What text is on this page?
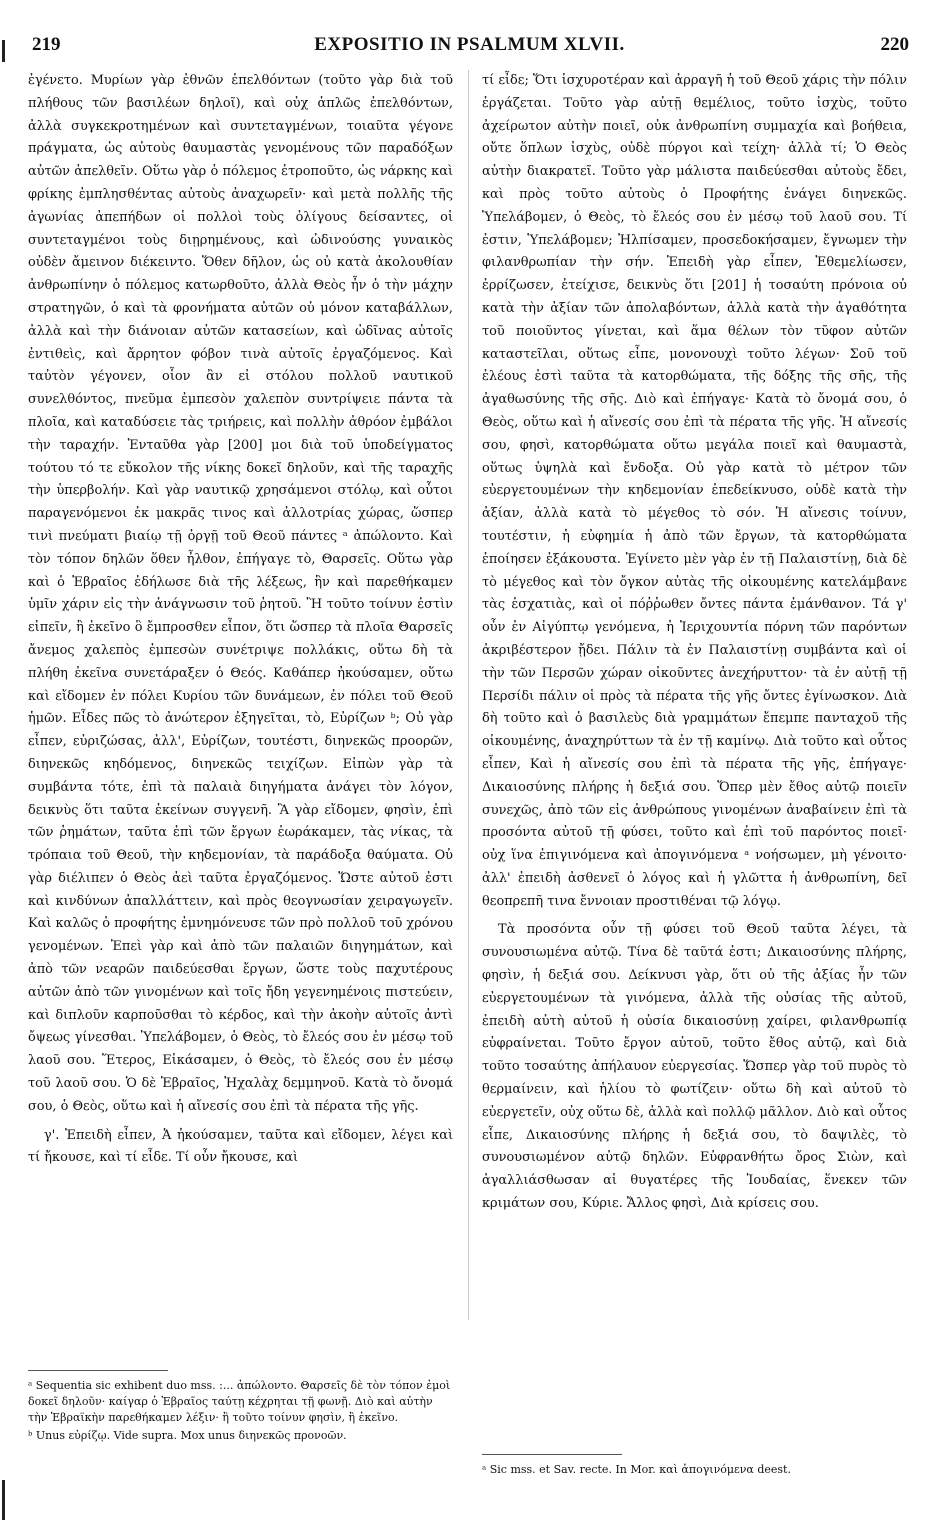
219	EXPOSITIO IN PSALMUM XLVII.	220

ἐγένετο. Μυρίων γὰρ ἐθνῶν ἐπελθόντων (τοῦτο γὰρ διὰ τοῦ πλήθους τῶν βασιλέων δηλοῖ), καὶ οὐχ ἁπλῶς ἐπελθόντων, ἀλλὰ συγκεκροτημένων καὶ συντεταγμένων, τοιαῦτα γέγονε πράγματα, ὡς αὐτοὺς θαυμαστὰς γενομένους τῶν παραδόξων αὐτῶν ἀπελθεῖν. Οὕτω γὰρ ὁ πόλεμος ἐτροποῦτο, ὡς νάρκης καὶ φρίκης ἐμπλησθέντας αὐτοὺς ἀναχωρεῖν· καὶ μετὰ πολλῆς τῆς ἀγωνίας ἀπεπήδων οἱ πολλοὶ τοὺς ὀλίγους δείσαντες, οἱ συντεταγμένοι τοὺς διῃρημένους, καὶ ὠδινούσης γυναικὸς οὐδὲν ἄμεινον διέκειντο. Ὅθεν δῆλον, ὡς οὐ κατὰ ἀκολουθίαν ἀνθρωπίνην ὁ πόλεμος κατωρθοῦτο, ἀλλὰ Θεὸς ἦν ὁ τὴν μάχην στρατηγῶν, ὁ καὶ τὰ φρονήματα αὐτῶν οὐ μόνον καταβάλλων, ἀλλὰ καὶ τὴν διάνοιαν αὐτῶν κατασείων, καὶ ὠδῖνας αὐτοῖς ἐντιθεὶς, καὶ ἄρρητον φόβον τινὰ αὐτοῖς ἐργαζόμενος. Καὶ ταὐτὸν γέγονεν, οἷον ἂν εἰ στόλου πολλοῦ ναυτικοῦ συνελθόντος, πνεῦμα ἐμπεσὸν χαλεπὸν συντρίψειε πάντα τὰ πλοῖα, καὶ καταδύσειε τὰς τριήρεις, καὶ πολλὴν ἀθρόον ἐμβάλοι τὴν ταραχήν. Ἐνταῦθα γὰρ [200] μοι διὰ τοῦ ὑποδείγματος τούτου τό τε εὔκολον τῆς νίκης δοκεῖ δηλοῦν, καὶ τῆς ταραχῆς τὴν ὑπερβολήν. Καὶ γὰρ ναυτικῷ χρησάμενοι στόλῳ, καὶ οὗτοι παραγενόμενοι ἐκ μακρᾶς τινος καὶ ἀλλοτρίας χώρας, ὥσπερ τινὶ πνεύματι βιαίῳ τῇ ὀργῇ τοῦ Θεοῦ πάντες ᵃ ἀπώλοντο. Καὶ τὸν τόπον δηλῶν ὅθεν ἦλθον, ἐπήγαγε τὸ, Θαρσεῖς. Οὕτω γὰρ καὶ ὁ Ἑβραῖος ἐδήλωσε διὰ τῆς λέξεως, ἣν καὶ παρεθήκαμεν ὑμῖν χάριν εἰς τὴν ἀνάγνωσιν τοῦ ῥητοῦ. Ἢ τοῦτο τοίνυν ἐστὶν εἰπεῖν, ἢ ἐκεῖνο ὃ ἔμπροσθεν εἶπον, ὅτι ὥσπερ τὰ πλοῖα Θαρσεῖς ἄνεμος χαλεπὸς ἐμπεσὼν συνέτριψε πολλάκις, οὕτω δὴ τὰ πλήθη ἐκεῖνα συνετάραξεν ὁ Θεός. Καθάπερ ἠκούσαμεν, οὕτω καὶ εἴδομεν ἐν πόλει Κυρίου τῶν δυνάμεων, ἐν πόλει τοῦ Θεοῦ ἡμῶν. Εἶδες πῶς τὸ ἀνώτερον ἐξηγεῖται, τὸ, Εὐρίζων ᵇ; Οὐ γὰρ εἶπεν, εὐριζώσας, ἀλλ', Εὐρίζων, τουτέστι, διηνεκῶς προορῶν, διηνεκῶς κηδόμενος, διηνεκῶς τειχίζων. Εἰπὼν γὰρ τὰ συμβάντα τότε, ἐπὶ τὰ παλαιὰ διηγήματα ἀνάγει τὸν λόγον, δεικνὺς ὅτι ταῦτα ἐκείνων συγγενῆ. Ἃ γὰρ εἴδομεν, φησὶν, ἐπὶ τῶν ῥημάτων, ταῦτα ἐπὶ τῶν ἔργων ἑωράκαμεν, τὰς νίκας, τὰ τρόπαια τοῦ Θεοῦ, τὴν κηδεμονίαν, τὰ παράδοξα θαύματα. Οὐ γὰρ διέλιπεν ὁ Θεὸς ἀεὶ ταῦτα ἐργαζόμενος. Ὥστε αὐτοῦ ἐστι καὶ κινδύνων ἀπαλλάττειν, καὶ πρὸς θεογνωσίαν χειραγωγεῖν. Καὶ καλῶς ὁ προφήτης ἐμνημόνευσε τῶν πρὸ πολλοῦ τοῦ χρόνου γενομένων. Ἐπεὶ γὰρ καὶ ἀπὸ τῶν παλαιῶν διηγημάτων, καὶ ἀπὸ τῶν νεαρῶν παιδεύεσθαι ἔργων, ὥστε τοὺς παχυτέρους αὐτῶν ἀπὸ τῶν γινομένων καὶ τοῖς ἤδη γεγενημένοις πιστεύειν, καὶ διπλοῦν καρποῦσθαι τὸ κέρδος, καὶ τὴν ἀκοὴν αὐτοῖς ἀντὶ ὄψεως γίνεσθαι. Ὑπελάβομεν, ὁ Θεὸς, τὸ ἔλεός σου ἐν μέσῳ τοῦ λαοῦ σου. Ἕτερος, Εἰκάσαμεν, ὁ Θεὸς, τὸ ἔλεός σου ἐν μέσῳ τοῦ λαοῦ σου. Ὁ δὲ Ἑβραῖος, Ἠχαλὰχ δεμμηνοῦ. Κατὰ τὸ ὄνομά σου, ὁ Θεὸς, οὕτω καὶ ἡ αἴνεσίς σου ἐπὶ τὰ πέρατα τῆς γῆς.

γ'. Ἐπειδὴ εἶπεν, Ἀ ἠκούσαμεν, ταῦτα καὶ εἴδομεν, λέγει καὶ τί ἤκουσε, καὶ τί εἶδε. Τί οὖν ἤκουσε, καὶ

τί εἶδε; Ὅτι ἰσχυροτέραν καὶ ἀρραγῆ ἡ τοῦ Θεοῦ χάρις τὴν πόλιν ἐργάζεται. Τοῦτο γὰρ αὐτῇ θεμέλιος, τοῦτο ἰσχὺς, τοῦτο ἀχείρωτον αὐτὴν ποιεῖ, οὐκ ἀνθρωπίνη συμμαχία καὶ βοήθεια, οὔτε ὅπλων ἰσχὺς, οὐδὲ πύργοι καὶ τείχη· ἀλλὰ τί; Ὁ Θεὸς αὐτὴν διακρατεῖ. Τοῦτο γὰρ μάλιστα παιδεύεσθαι αὐτοὺς ἔδει, καὶ πρὸς τοῦτο αὐτοὺς ὁ Προφήτης ἐνάγει διηνεκῶς. Ὑπελάβομεν, ὁ Θεὸς, τὸ ἔλεός σου ἐν μέσῳ τοῦ λαοῦ σου. Τί ἐστιν, Ὑπελάβομεν; Ἠλπίσαμεν, προσεδοκήσαμεν, ἔγνωμεν τὴν φιλανθρωπίαν τὴν σήν. Ἐπειδὴ γὰρ εἶπεν, Ἐθεμελίωσεν, ἐρρίζωσεν, ἐτείχισε, δεικνὺς ὅτι [201] ἡ τοσαύτη πρόνοια οὐ κατὰ τὴν ἀξίαν τῶν ἀπολαβόντων, ἀλλὰ κατὰ τὴν ἀγαθότητα τοῦ ποιοῦντος γίνεται, καὶ ἅμα θέλων τὸν τῦφον αὐτῶν καταστεῖλαι, οὕτως εἶπε, μονονουχὶ τοῦτο λέγων· Σοῦ τοῦ ἐλέους ἐστὶ ταῦτα τὰ κατορθώματα, τῆς δόξης τῆς σῆς, τῆς ἀγαθωσύνης τῆς σῆς. Διὸ καὶ ἐπήγαγε· Κατὰ τὸ ὄνομά σου, ὁ Θεὸς, οὕτω καὶ ἡ αἴνεσίς σου ἐπὶ τὰ πέρατα τῆς γῆς. Ἡ αἴνεσίς σου, φησὶ, κατορθώματα οὕτω μεγάλα ποιεῖ καὶ θαυμαστὰ, οὕτως ὑψηλὰ καὶ ἔνδοξα. Οὐ γὰρ κατὰ τὸ μέτρον τῶν εὐεργετουμένων τὴν κηδεμονίαν ἐπεδείκνυσο, οὐδὲ κατὰ τὴν ἀξίαν, ἀλλὰ κατὰ τὸ μέγεθος τὸ σόν. Ἡ αἴνεσις τοίνυν, τουτέστιν, ἡ εὐφημία ἡ ἀπὸ τῶν ἔργων, τὰ κατορθώματα ἐποίησεν ἐξάκουστα. Ἐγίνετο μὲν γὰρ ἐν τῇ Παλαιστίνῃ, διὰ δὲ τὸ μέγεθος καὶ τὸν ὄγκον αὐτὰς τῆς οἰκουμένης κατελάμβανε τὰς ἐσχατιὰς, καὶ οἱ πόῤῥωθεν ὄντες πάντα ἐμάνθανον. Τά γ' οὖν ἐν Αἰγύπτῳ γενόμενα, ἡ Ἱεριχουντία πόρνη τῶν παρόντων ἀκριβέστερον ᾔδει. Πάλιν τὰ ἐν Παλαιστίνῃ συμβάντα καὶ οἱ τὴν τῶν Περσῶν χώραν οἰκοῦντες ἀνεχήρυττον· τὰ ἐν αὐτῇ τῇ Περσίδι πάλιν οἱ πρὸς τὰ πέρατα τῆς γῆς ὄντες ἐγίνωσκον. Διὰ δὴ τοῦτο καὶ ὁ βασιλεὺς διὰ γραμμάτων ἔπεμπε πανταχοῦ τῆς οἰκουμένης, ἀναχηρύττων τὰ ἐν τῇ καμίνῳ. Διὰ τοῦτο καὶ οὗτος εἶπεν, Καὶ ἡ αἴνεσίς σου ἐπὶ τὰ πέρατα τῆς γῆς, ἐπήγαγε· Δικαιοσύνης πλήρης ἡ δεξιά σου. Ὅπερ μὲν ἔθος αὐτῷ ποιεῖν συνεχῶς, ἀπὸ τῶν εἰς ἀνθρώπους γινομένων ἀναβαίνειν ἐπὶ τὰ προσόντα αὐτοῦ τῇ φύσει, τοῦτο καὶ ἐπὶ τοῦ παρόντος ποιεῖ· οὐχ ἵνα ἐπιγινόμενα καὶ ἀπογινόμενα ᵃ νοήσωμεν, μὴ γένοιτο· ἀλλ' ἐπειδὴ ἀσθενεῖ ὁ λόγος καὶ ἡ γλῶττα ἡ ἀνθρωπίνη, δεῖ θεοπρεπῆ τινα ἔννοιαν προστιθέναι τῷ λόγῳ.

Τὰ προσόντα οὖν τῇ φύσει τοῦ Θεοῦ ταῦτα λέγει, τὰ συνουσιωμένα αὐτῷ. Τίνα δὲ ταῦτά ἐστι; Δικαιοσύνης πλήρης, φησὶν, ἡ δεξιά σου. Δείκνυσι γὰρ, ὅτι οὐ τῆς ἀξίας ἦν τῶν εὐεργετουμένων τὰ γινόμενα, ἀλλὰ τῆς οὐσίας τῆς αὐτοῦ, ἐπειδὴ αὐτὴ αὐτοῦ ἡ οὐσία δικαιοσύνῃ χαίρει, φιλανθρωπίᾳ εὐφραίνεται. Τοῦτο ἔργον αὐτοῦ, τοῦτο ἔθος αὐτῷ, καὶ διὰ τοῦτο τοσαύτης ἀπήλαυον εὐεργεσίας. Ὥσπερ γὰρ τοῦ πυρὸς τὸ θερμαίνειν, καὶ ἡλίου τὸ φωτίζειν· οὕτω δὴ καὶ αὐτοῦ τὸ εὐεργετεῖν, οὐχ οὕτω δὲ, ἀλλὰ καὶ πολλῷ μᾶλλον. Διὸ καὶ οὗτος εἶπε, Δικαιοσύνης πλήρης ἡ δεξιά σου, τὸ δαψιλὲς, τὸ συνουσιωμένον αὐτῷ δηλῶν. Εὐφρανθήτω ὄρος Σιὼν, καὶ ἀγαλλιάσθωσαν αἱ θυγατέρες τῆς Ἰουδαίας, ἕνεκεν τῶν κριμάτων σου, Κύριε. Ἄλλος φησὶ, Διὰ κρίσεις σου.

ᵃ Sequentia sic exhibent duo mss. :... ἀπώλοντο. Θαρσεῖς δὲ τὸν τόπον ἐμοὶ δοκεῖ δηλοῦν· καίγαρ ὁ Ἑβραῖος ταύτῃ κέχρηται τῇ φωνῇ. Διὸ καὶ αὐτὴν τὴν Ἑβραϊκὴν παρεθήκαμεν λέξιν· ἢ τοῦτο τοίνυν φησὶν, ἢ ἐκεῖνο.

ᵇ Unus εὐρίζῳ. Vide supra. Mox unus διηνεκῶς προνοῶν.

ᵃ Sic mss. et Sav. recte. In Mor. καὶ ἀπογινόμενα deest.
